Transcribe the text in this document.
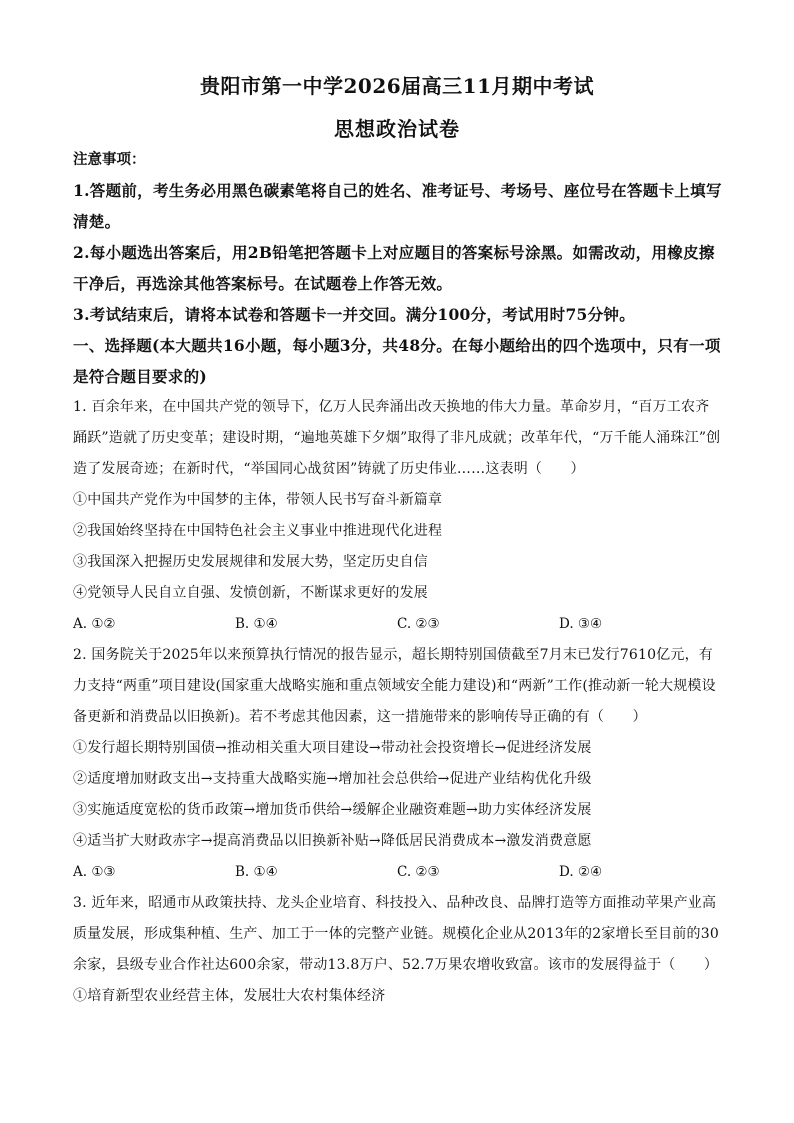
贵阳市第一中学2026届高三11月期中考试
思想政治试卷
注意事项：
1.答题前，考生务必用黑色碳素笔将自己的姓名、准考证号、考场号、座位号在答题卡上填写清楚。
2.每小题选出答案后，用2B铅笔把答题卡上对应题目的答案标号涂黑。如需改动，用橡皮擦干净后，再选涂其他答案标号。在试题卷上作答无效。
3.考试结束后，请将本试卷和答题卡一并交回。满分100分，考试用时75分钟。
一、选择题(本大题共16小题，每小题3分，共48分。在每小题给出的四个选项中，只有一项是符合题目要求的)
1. 百余年来，在中国共产党的领导下，亿万人民奔涌出改天换地的伟大力量。革命岁月，“百万工农齐踊跃”造就了历史变革；建设时期，“遍地英雄下夕烟”取得了非凡成就；改革年代，“万千能人涌珠江”创造了发展奇迹；在新时代，“举国同心战贫困”铸就了历史伟业……这表明（　　）
①中国共产党作为中国梦的主体，带领人民书写奋斗新篇章
②我国始终坚持在中国特色社会主义事业中推进现代化进程
③我国深入把握历史发展规律和发展大势，坚定历史自信
④党领导人民自立自强、发愤创新，不断谋求更好的发展
A. ①②	B. ①④	C. ②③	D. ③④
2. 国务院关于2025年以来预算执行情况的报告显示，超长期特别国债截至7月末已发行7610亿元，有力支持“两重”项目建设(国家重大战略实施和重点领域安全能力建设)和“两新”工作(推动新一轮大规模设备更新和消费品以旧换新)。若不考虑其他因素，这一措施带来的影响传导正确的有（　　）
①发行超长期特别国债→推动相关重大项目建设→带动社会投资增长→促进经济发展
②适度增加财政支出→支持重大战略实施→增加社会总供给→促进产业结构优化升级
③实施适度宽松的货币政策→增加货币供给→缓解企业融资难题→助力实体经济发展
④适当扩大财政赤字→提高消费品以旧换新补贴→降低居民消费成本→激发消费意愿
A. ①③	B. ①④	C. ②③	D. ②④
3. 近年来，昭通市从政策扶持、龙头企业培育、科技投入、品种改良、品牌打造等方面推动苹果产业高质量发展，形成集种植、生产、加工于一体的完整产业链。规模化企业从2013年的2家增长至目前的30余家，县级专业合作社达600余家，带动13.8万户、52.7万果农增收致富。该市的发展得益于（　　）
①培育新型农业经营主体，发展壮大农村集体经济
